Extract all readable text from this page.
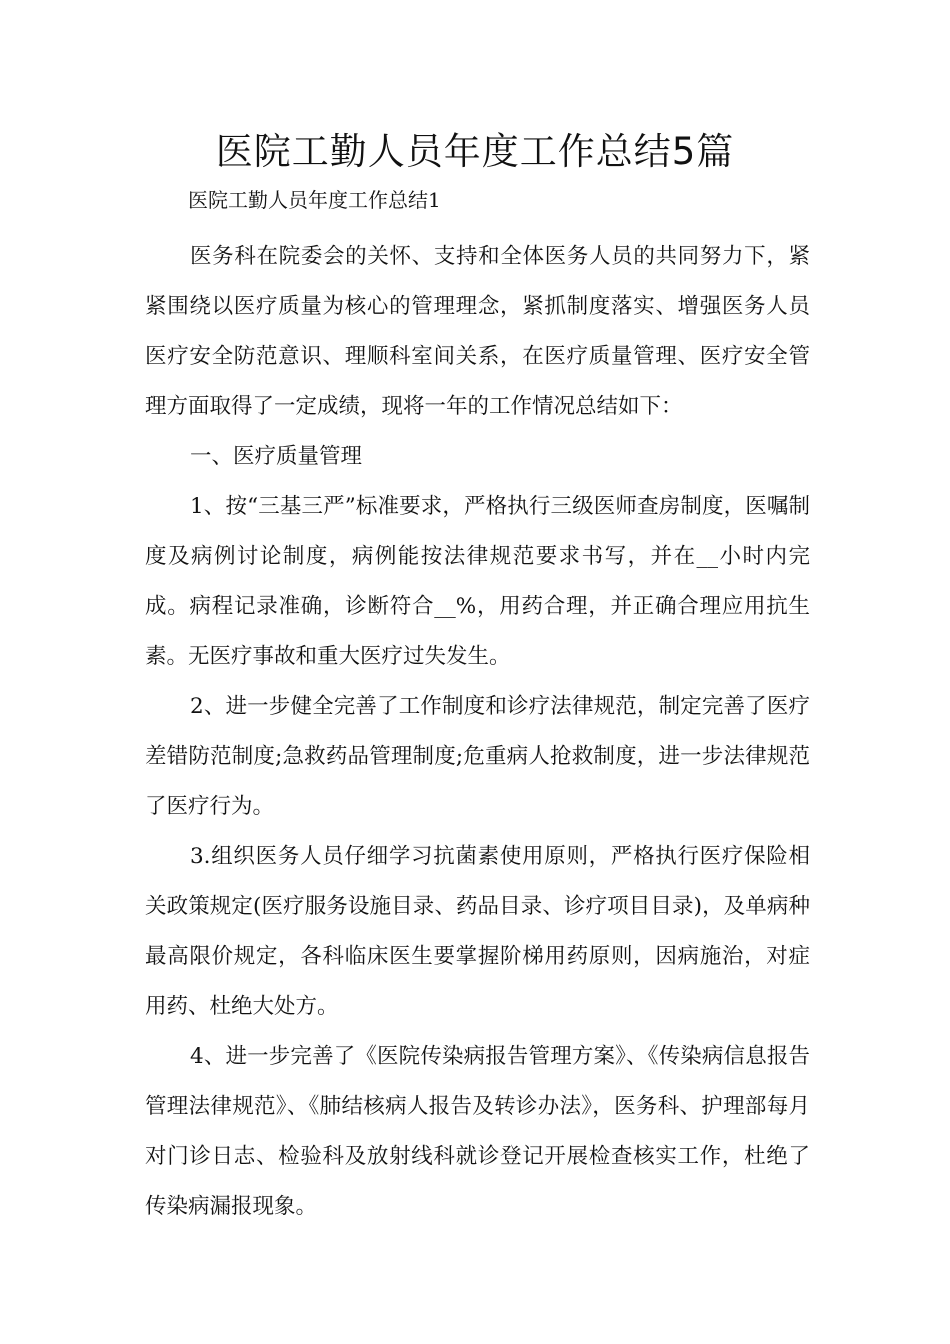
医院工勤人员年度工作总结5篇

医院工勤人员年度工作总结1

医务科在院委会的关怀、支持和全体医务人员的共同努力下，紧紧围绕以医疗质量为核心的管理理念，紧抓制度落实、增强医务人员医疗安全防范意识、理顺科室间关系，在医疗质量管理、医疗安全管理方面取得了一定成绩，现将一年的工作情况总结如下：

一、医疗质量管理

1、按“三基三严”标准要求，严格执行三级医师查房制度，医嘱制度及病例讨论制度，病例能按法律规范要求书写，并在__小时内完成。病程记录准确，诊断符合__%，用药合理，并正确合理应用抗生素。无医疗事故和重大医疗过失发生。

2、进一步健全完善了工作制度和诊疗法律规范，制定完善了医疗差错防范制度;急救药品管理制度;危重病人抢救制度，进一步法律规范了医疗行为。

3.组织医务人员仔细学习抗菌素使用原则，严格执行医疗保险相关政策规定(医疗服务设施目录、药品目录、诊疗项目目录)，及单病种最高限价规定，各科临床医生要掌握阶梯用药原则，因病施治，对症用药、杜绝大处方。

4、进一步完善了《医院传染病报告管理方案》、《传染病信息报告管理法律规范》、《肺结核病人报告及转诊办法》，医务科、护理部每月对门诊日志、检验科及放射线科就诊登记开展检查核实工作，杜绝了传染病漏报现象。
